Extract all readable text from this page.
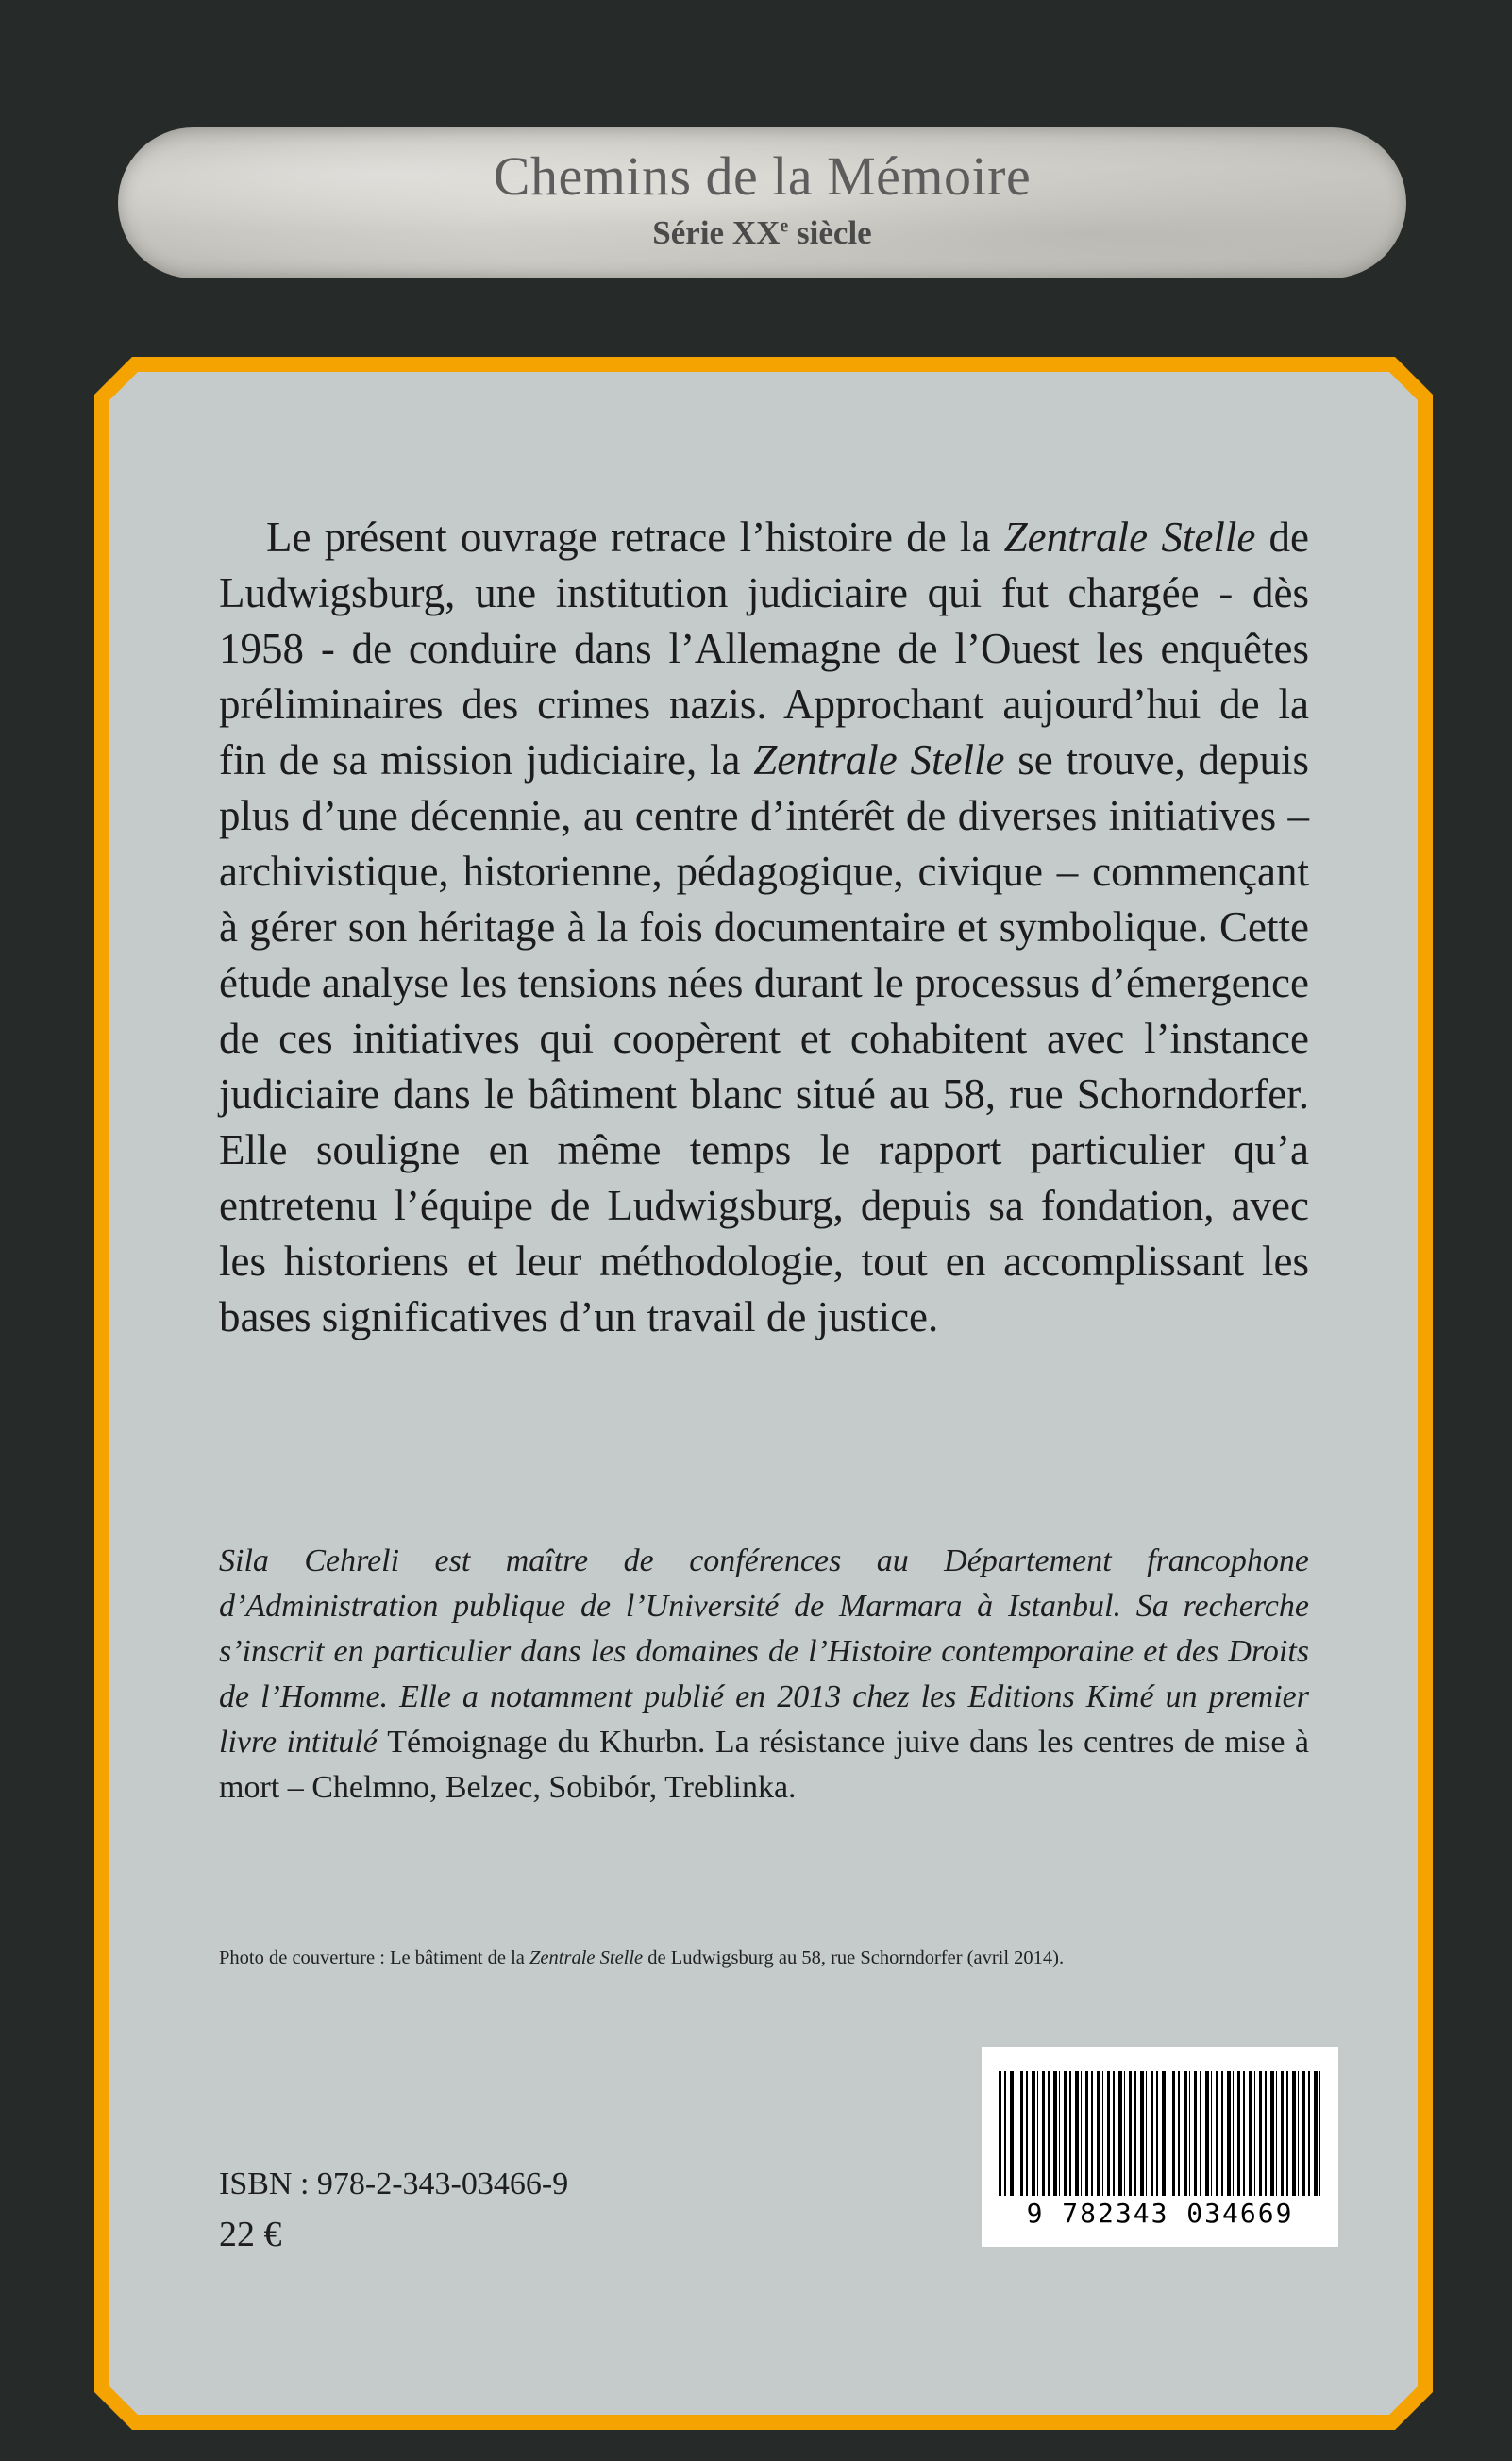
Chemins de la Mémoire
Série XXe siècle

Le présent ouvrage retrace l’histoire de la Zentrale Stelle de Ludwigsburg, une institution judiciaire qui fut chargée - dès 1958 - de conduire dans l’Allemagne de l’Ouest les enquêtes préliminaires des crimes nazis. Approchant aujourd’hui de la fin de sa mission judiciaire, la Zentrale Stelle se trouve, depuis plus d’une décennie, au centre d’intérêt de diverses initiatives – archivistique, historienne, pédagogique, civique – commençant à gérer son héritage à la fois documentaire et symbolique. Cette étude analyse les tensions nées durant le processus d’émergence de ces initiatives qui coopèrent et cohabitent avec l’instance judiciaire dans le bâtiment blanc situé au 58, rue Schorndorfer. Elle souligne en même temps le rapport particulier qu’a entretenu l’équipe de Ludwigsburg, depuis sa fondation, avec les historiens et leur méthodologie, tout en accomplissant les bases significatives d’un travail de justice.

Sila Cehreli est maître de conférences au Département francophone d’Administration publique de l’Université de Marmara à Istanbul. Sa recherche s’inscrit en particulier dans les domaines de l’Histoire contemporaine et des Droits de l’Homme. Elle a notamment publié en 2013 chez les Editions Kimé un premier livre intitulé Témoignage du Khurbn. La résistance juive dans les centres de mise à mort – Chelmno, Belzec, Sobibór, Treblinka.

Photo de couverture : Le bâtiment de la Zentrale Stelle de Ludwigsburg au 58, rue Schorndorfer (avril 2014).

ISBN : 978-2-343-03466-9
22 €
9 782343 034669
